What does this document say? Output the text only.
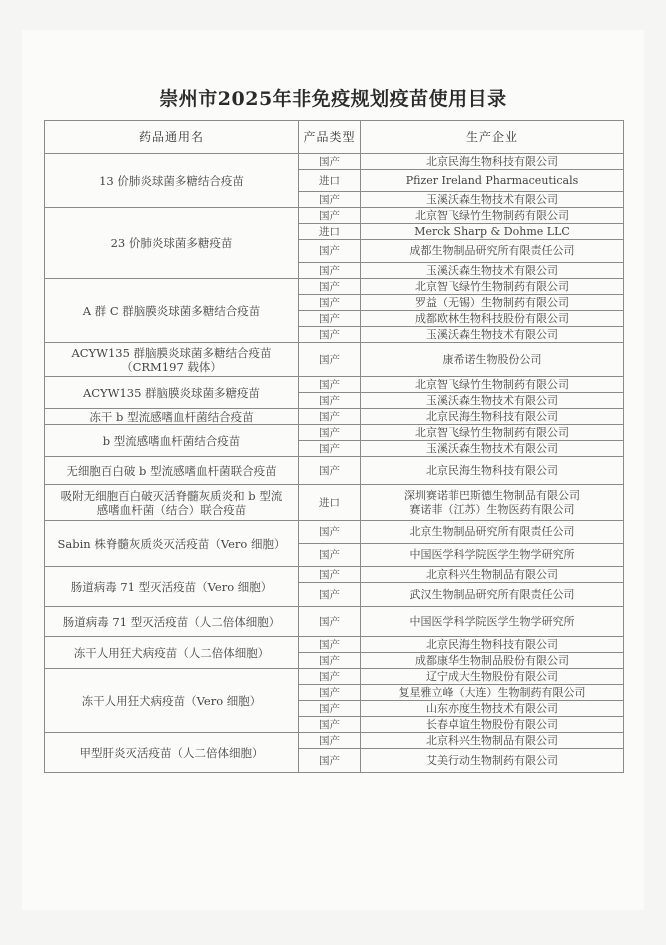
崇州市2025年非免疫规划疫苗使用目录
药品通用名	产品类型	生产企业
13 价肺炎球菌多糖结合疫苗	国产	北京民海生物科技有限公司
	进口	Pfizer Ireland Pharmaceuticals
	国产	玉溪沃森生物技术有限公司
23 价肺炎球菌多糖疫苗	国产	北京智飞绿竹生物制药有限公司
	进口	Merck Sharp & Dohme LLC
	国产	成都生物制品研究所有限责任公司
	国产	玉溪沃森生物技术有限公司
A 群 C 群脑膜炎球菌多糖结合疫苗	国产	北京智飞绿竹生物制药有限公司
	国产	罗益（无锡）生物制药有限公司
	国产	成都欧林生物科技股份有限公司
	国产	玉溪沃森生物技术有限公司
ACYW135 群脑膜炎球菌多糖结合疫苗
（CRM197 载体）	国产	康希诺生物股份公司
ACYW135 群脑膜炎球菌多糖疫苗	国产	北京智飞绿竹生物制药有限公司
	国产	玉溪沃森生物技术有限公司
冻干 b 型流感嗜血杆菌结合疫苗	国产	北京民海生物科技有限公司
b 型流感嗜血杆菌结合疫苗	国产	北京智飞绿竹生物制药有限公司
	国产	玉溪沃森生物技术有限公司
无细胞百白破 b 型流感嗜血杆菌联合疫苗	国产	北京民海生物科技有限公司
吸附无细胞百白破灭活脊髓灰质炎和 b 型流
感嗜血杆菌（结合）联合疫苗	进口	深圳赛诺菲巴斯德生物制品有限公司
赛诺菲（江苏）生物医药有限公司
Sabin 株脊髓灰质炎灭活疫苗（Vero 细胞）	国产	北京生物制品研究所有限责任公司
	国产	中国医学科学院医学生物学研究所
肠道病毒 71 型灭活疫苗（Vero 细胞）	国产	北京科兴生物制品有限公司
	国产	武汉生物制品研究所有限责任公司
肠道病毒 71 型灭活疫苗（人二倍体细胞）	国产	中国医学科学院医学生物学研究所
冻干人用狂犬病疫苗（人二倍体细胞）	国产	北京民海生物科技有限公司
	国产	成都康华生物制品股份有限公司
冻干人用狂犬病疫苗（Vero 细胞）	国产	辽宁成大生物股份有限公司
	国产	复星雅立峰（大连）生物制药有限公司
	国产	山东亦度生物技术有限公司
	国产	长春卓谊生物股份有限公司
甲型肝炎灭活疫苗（人二倍体细胞）	国产	北京科兴生物制品有限公司
	国产	艾美行动生物制药有限公司
